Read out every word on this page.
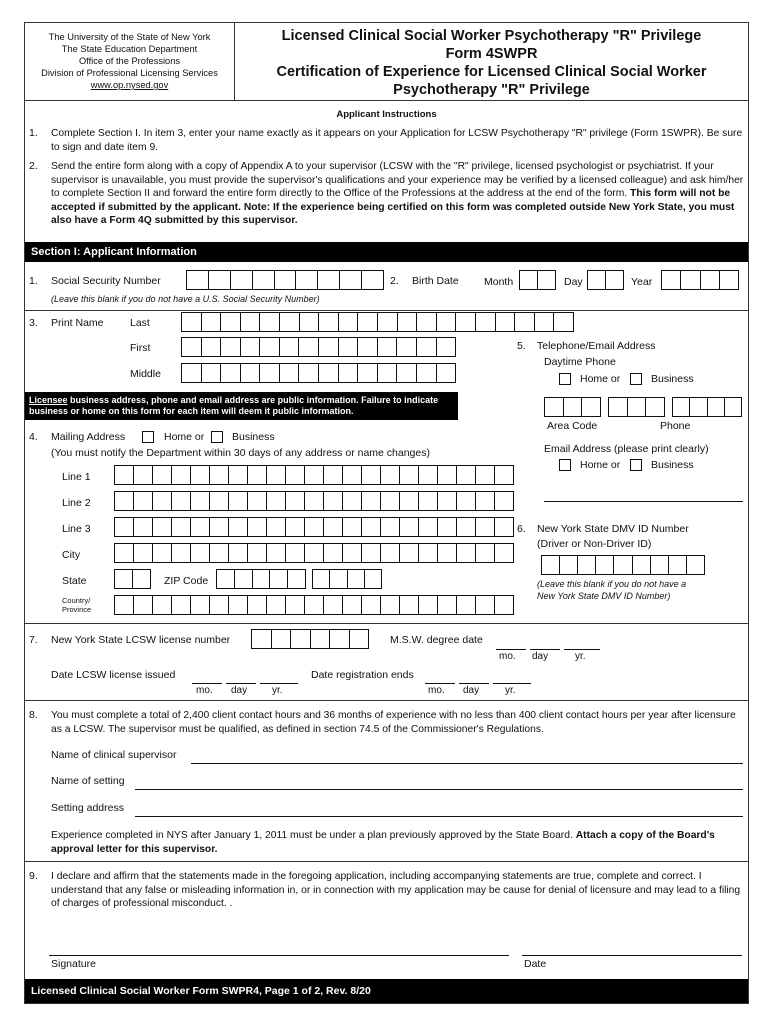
The University of the State of New York
The State Education Department
Office of the Professions
Division of Professional Licensing Services
www.op.nysed.gov
Licensed Clinical Social Worker Psychotherapy "R" Privilege
Form 4SWPR
Certification of Experience for Licensed Clinical Social Worker
Psychotherapy "R" Privilege
Applicant Instructions
1. Complete Section I. In item 3, enter your name exactly as it appears on your Application for LCSW Psychotherapy "R" privilege (Form 1SWPR). Be sure to sign and date item 9.
2. Send the entire form along with a copy of Appendix A to your supervisor (LCSW with the "R" privilege, licensed psychologist or psychiatrist. If your supervisor is unavailable, you must provide the supervisor's qualifications and your experience may be verified by a licensed colleague) and ask him/her to complete Section II and forward the entire form directly to the Office of the Professions at the address at the end of the form. This form will not be accepted if submitted by the applicant. Note: If the experience being certified on this form was completed outside New York State, you must also have a Form 4Q submitted by this supervisor.
Section I: Applicant Information
1. Social Security Number
(Leave this blank if you do not have a U.S. Social Security Number)
2. Birth Date Month	Day	Year
3. Print Name	Last
First
Middle
Licensee business address, phone and email address are public information. Failure to indicate business or home on this form for each item will deem it public information.
5. Telephone/Email Address
Daytime Phone
Home or	Business
Area Code	Phone
Email Address (please print clearly)
Home or	Business
4. Mailing Address	Home or	Business
(You must notify the Department within 30 days of any address or name changes)
Line 1
Line 2
Line 3
City
State	ZIP Code
Country/
Province
6. New York State DMV ID Number
(Driver or Non-Driver ID)
(Leave this blank if you do not have a
New York State DMV ID Number)
7. New York State LCSW license number	M.S.W. degree date
mo. day	yr.
Date LCSW license issued
mo. day yr.
Date registration ends
mo. day	yr.
8. You must complete a total of 2,400 client contact hours and 36 months of experience with no less than 400 client contact hours per year after licensure as a LCSW. The supervisor must be qualified, as defined in section 74.5 of the Commissioner's Regulations.
Name of clinical supervisor
Name of setting
Setting address
Experience completed in NYS after January 1, 2011 must be under a plan previously approved by the State Board. Attach a copy of the Board's approval letter for this supervisor.
9. I declare and affirm that the statements made in the foregoing application, including accompanying statements are true, complete and correct. I understand that any false or misleading information in, or in connection with my application may be cause for denial of licensure and may lead to a filing of charges of professional misconduct. .
Signature	Date
Licensed Clinical Social Worker Form SWPR4, Page 1 of 2, Rev. 8/20
